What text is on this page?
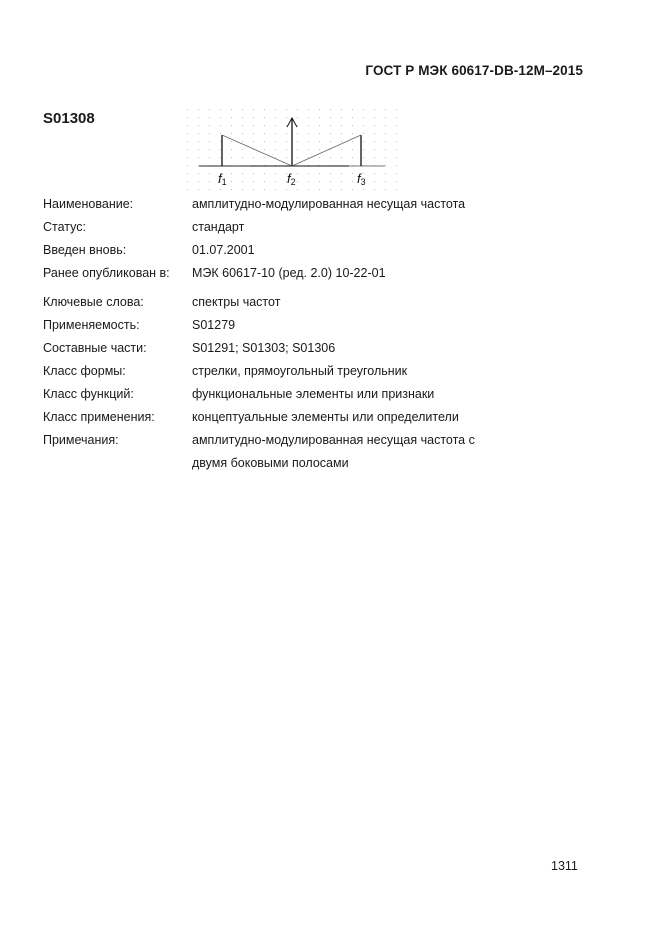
ГОСТ Р МЭК 60617-DB-12M–2015
S01308
f1	f2	f3
Наименование:	амплитудно-модулированная несущая частота
Статус:	стандарт
Введен вновь:	01.07.2001
Ранее опубликован в: МЭК 60617-10 (ред. 2.0) 10-22-01
Ключевые слова:	спектры частот
Применяемость:	S01279
Составные части:	S01291; S01303; S01306
Класс формы:	стрелки, прямоугольный треугольник
Класс функций:	функциональные элементы или признаки
Класс применения:	концептуальные элементы или определители
Примечания:	амплитудно-модулированная несущая частота с
двумя боковыми полосами
1311
